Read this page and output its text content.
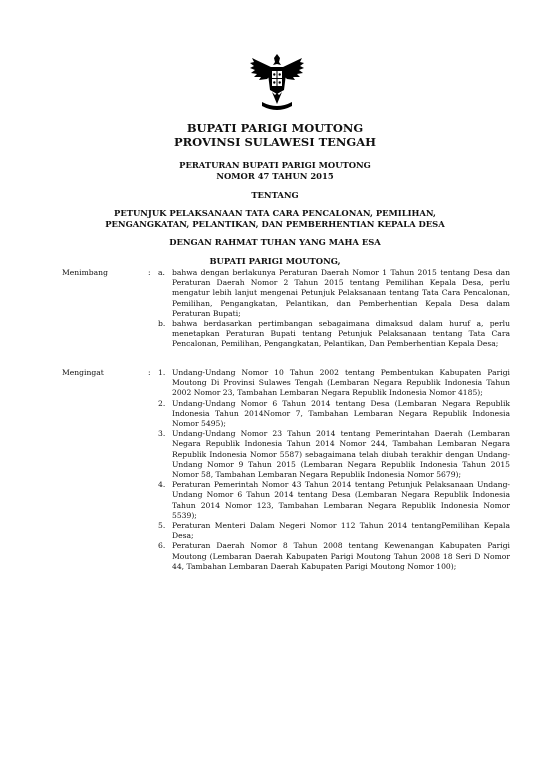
BUPATI PARIGI MOUTONG
PROVINSI SULAWESI TENGAH
PERATURAN BUPATI PARIGI MOUTONG
NOMOR 47 TAHUN 2015
TENTANG
PETUNJUK PELAKSANAAN TATA CARA PENCALONAN, PEMILIHAN,
PENGANGKATAN, PELANTIKAN, DAN PEMBERHENTIAN KEPALA DESA
DENGAN RAHMAT TUHAN YANG MAHA ESA
BUPATI PARIGI MOUTONG,
Menimbang	: a. bahwa dengan berlakunya Peraturan Daerah Nomor 1 Tahun 2015 tentang Desa dan Peraturan Daerah Nomor 2 Tahun 2015 tentang Pemilihan Kepala Desa, perlu mengatur lebih lanjut mengenai Petunjuk Pelaksanaan tentang Tata Cara Pencalonan, Pemilihan, Pengangkatan, Pelantikan, dan Pemberhentian Kepala Desa dalam Peraturan Bupati;
b. bahwa berdasarkan pertimbangan sebagaimana dimaksud dalam huruf a, perlu menetapkan Peraturan Bupati tentang Petunjuk Pelaksanaan tentang Tata Cara Pencalonan, Pemilihan, Pengangkatan, Pelantikan, Dan Pemberhentian Kepala Desa;
Mengingat	: 1. Undang-Undang Nomor 10 Tahun 2002 tentang Pembentukan Kabupaten Parigi Moutong Di Provinsi Sulawes Tengah (Lembaran Negara Republik Indonesia Tahun 2002 Nomor 23, Tambahan Lembaran Negara Republik Indonesia Nomor 4185);
2. Undang-Undang Nomor 6 Tahun 2014 tentang Desa (Lembaran Negara Republik Indonesia Tahun 2014Nomor 7, Tambahan Lembaran Negara Republik Indonesia Nomor 5495);
3. Undang-Undang Nomor 23 Tahun 2014 tentang Pemerintahan Daerah (Lembaran Negara Republik Indonesia Tahun 2014 Nomor 244, Tambahan Lembaran Negara Republik Indonesia Nomor 5587) sebagaimana telah diubah terakhir dengan Undang-Undang Nomor 9 Tahun 2015 (Lembaran Negara Republik Indonesia Tahun 2015 Nomor 58, Tambahan Lembaran Negara Republik Indonesia Nomor 5679);
4. Peraturan Pemerintah Nomor 43 Tahun 2014 tentang Petunjuk Pelaksanaan Undang-Undang Nomor 6 Tahun 2014 tentang Desa (Lembaran Negara Republik Indonesia Tahun 2014 Nomor 123, Tambahan Lembaran Negara Republik Indonesia Nomor 5539);
5. Peraturan Menteri Dalam Negeri Nomor 112 Tahun 2014 tentangPemilihan Kepala Desa;
6. Peraturan Daerah Nomor 8 Tahun 2008 tentang Kewenangan Kabupaten Parigi Moutong (Lembaran Daerah Kabupaten Parigi Moutong Tahun 2008 18 Seri D Nomor 44, Tambahan Lembaran Daerah Kabupaten Parigi Moutong Nomor 100);
